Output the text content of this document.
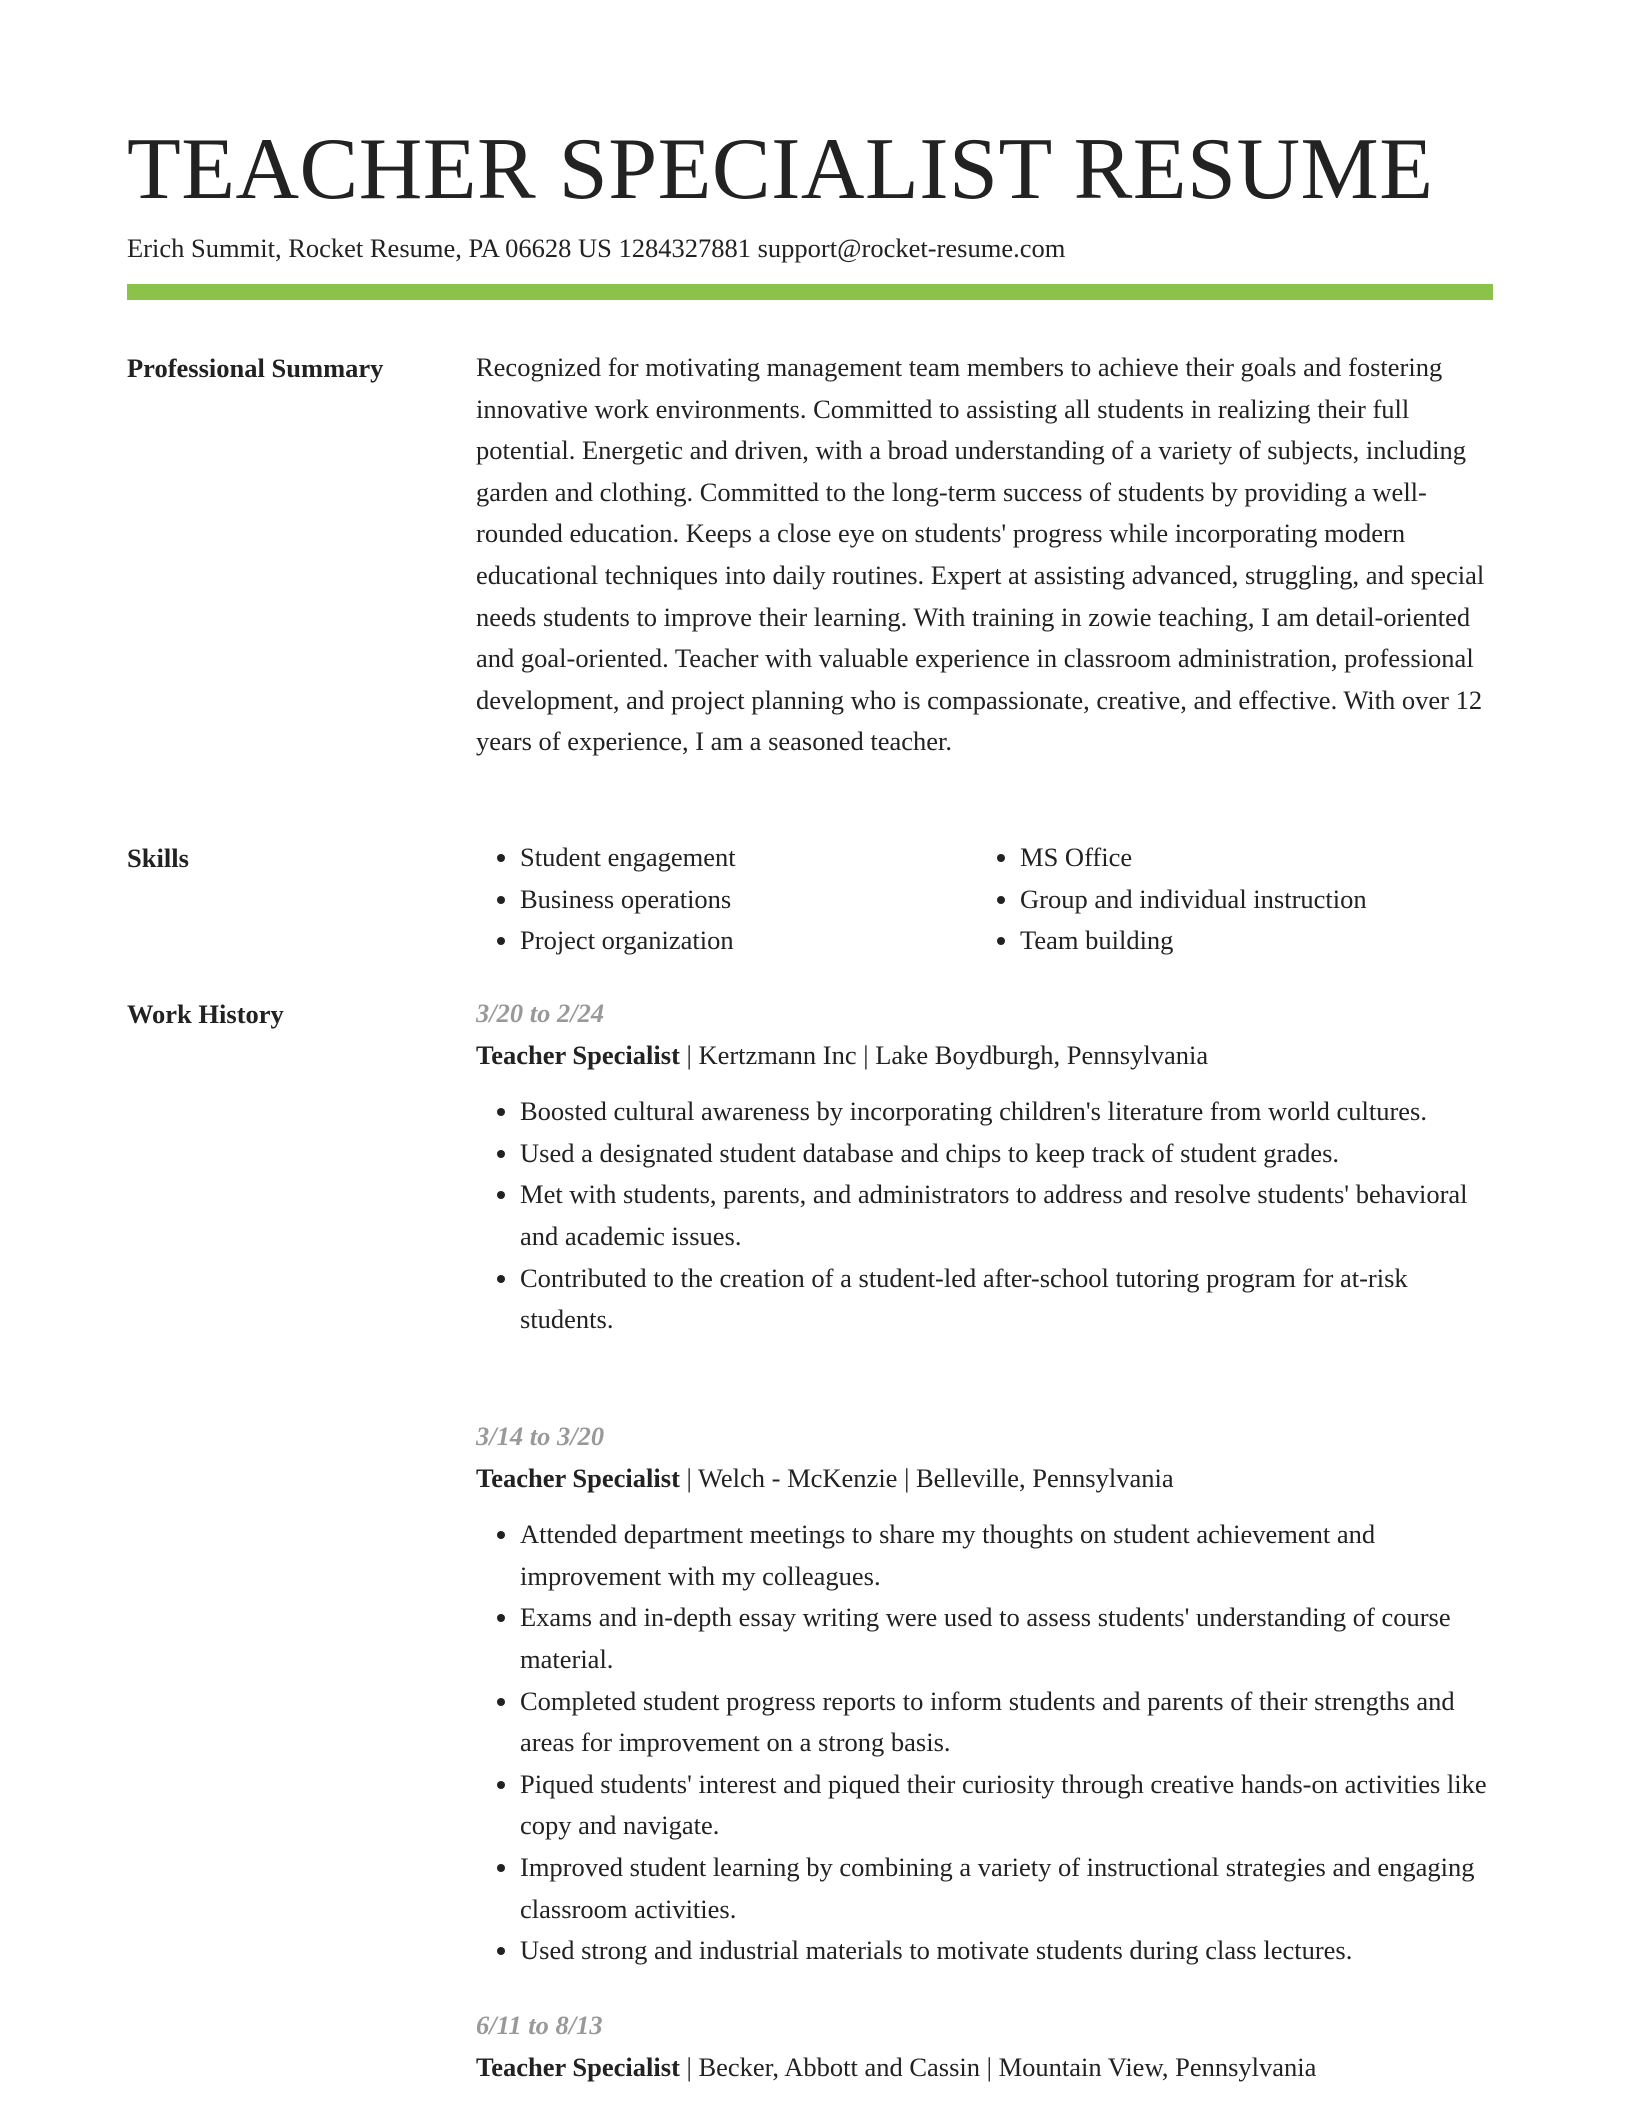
TEACHER SPECIALIST RESUME
Erich Summit, Rocket Resume, PA 06628 US 1284327881 support@rocket-resume.com
Professional Summary	Recognized for motivating management team members to achieve their goals and fostering innovative work environments. Committed to assisting all students in realizing their full potential. Energetic and driven, with a broad understanding of a variety of subjects, including garden and clothing. Committed to the long-term success of students by providing a well-rounded education. Keeps a close eye on students' progress while incorporating modern educational techniques into daily routines. Expert at assisting advanced, struggling, and special needs students to improve their learning. With training in zowie teaching, I am detail-oriented and goal-oriented. Teacher with valuable experience in classroom administration, professional development, and project planning who is compassionate, creative, and effective. With over 12 years of experience, I am a seasoned teacher.

Skills
•	Student engagement
• Business operations
• Project organization
• MS Office
• Group and individual instruction
• Team building
Work History	3/20 to 2/24
Teacher Specialist | Kertzmann Inc | Lake Boydburgh, Pennsylvania
• Boosted cultural awareness by incorporating children's literature from world cultures.
• Used a designated student database and chips to keep track of student grades.
• Met with students, parents, and administrators to address and resolve students' behavioral and academic issues.
• Contributed to the creation of a student-led after-school tutoring program for at-risk students.
3/14 to 3/20
Teacher Specialist | Welch - McKenzie | Belleville, Pennsylvania
• Attended department meetings to share my thoughts on student achievement and improvement with my colleagues.
• Exams and in-depth essay writing were used to assess students' understanding of course material.
• Completed student progress reports to inform students and parents of their strengths and areas for improvement on a strong basis.
• Piqued students' interest and piqued their curiosity through creative hands-on activities like copy and navigate.
• Improved student learning by combining a variety of instructional strategies and engaging classroom activities.
• Used strong and industrial materials to motivate students during class lectures.
6/11 to 8/13
Teacher Specialist | Becker, Abbott and Cassin | Mountain View, Pennsylvania
